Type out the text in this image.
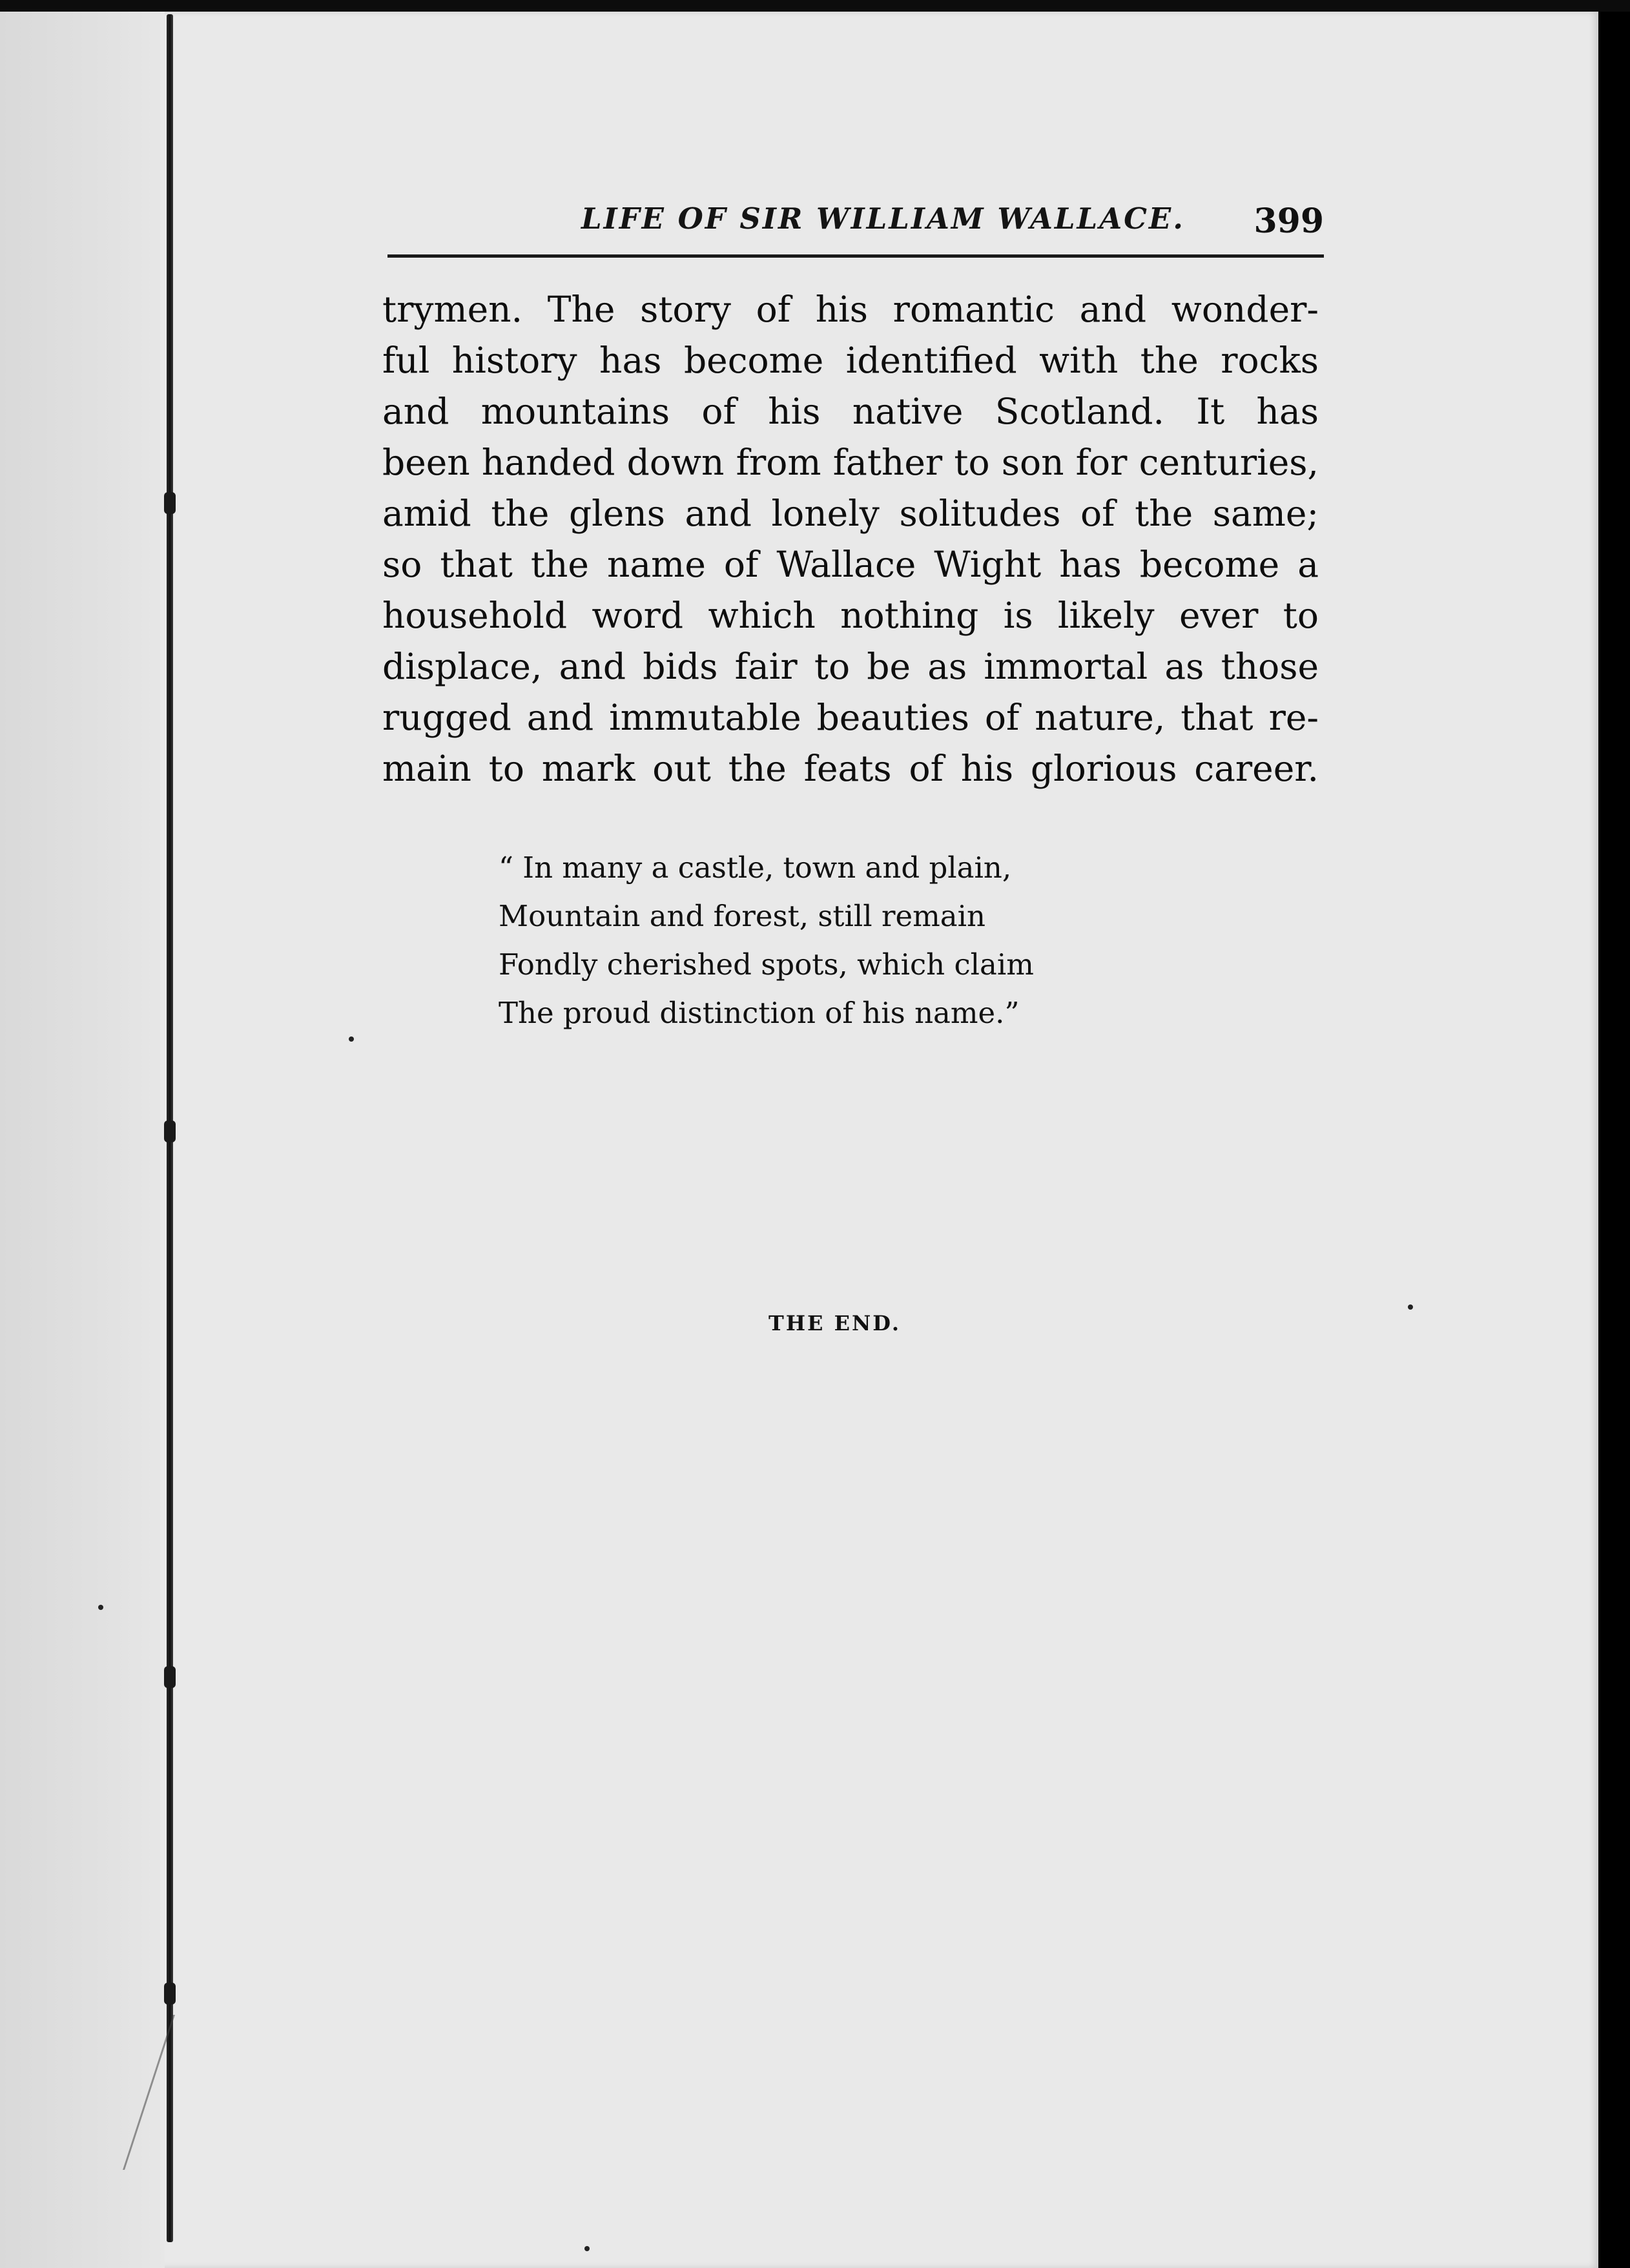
LIFE OF SIR WILLIAM WALLACE. 399
trymen. The story of his romantic and wonder-
ful history has become identified with the rocks
and mountains of his native Scotland. It has
been handed down from father to son for centuries,
amid the glens and lonely solitudes of the same;
so that the name of Wallace Wight has become a
household word which nothing is likely ever to
displace, and bids fair to be as immortal as those
rugged and immutable beauties of nature, that re-
main to mark out the feats of his glorious career.
“ In many a castle, town and plain,
Mountain and forest, still remain
Fondly cherished spots, which claim
The proud distinction of his name.”
THE END.
